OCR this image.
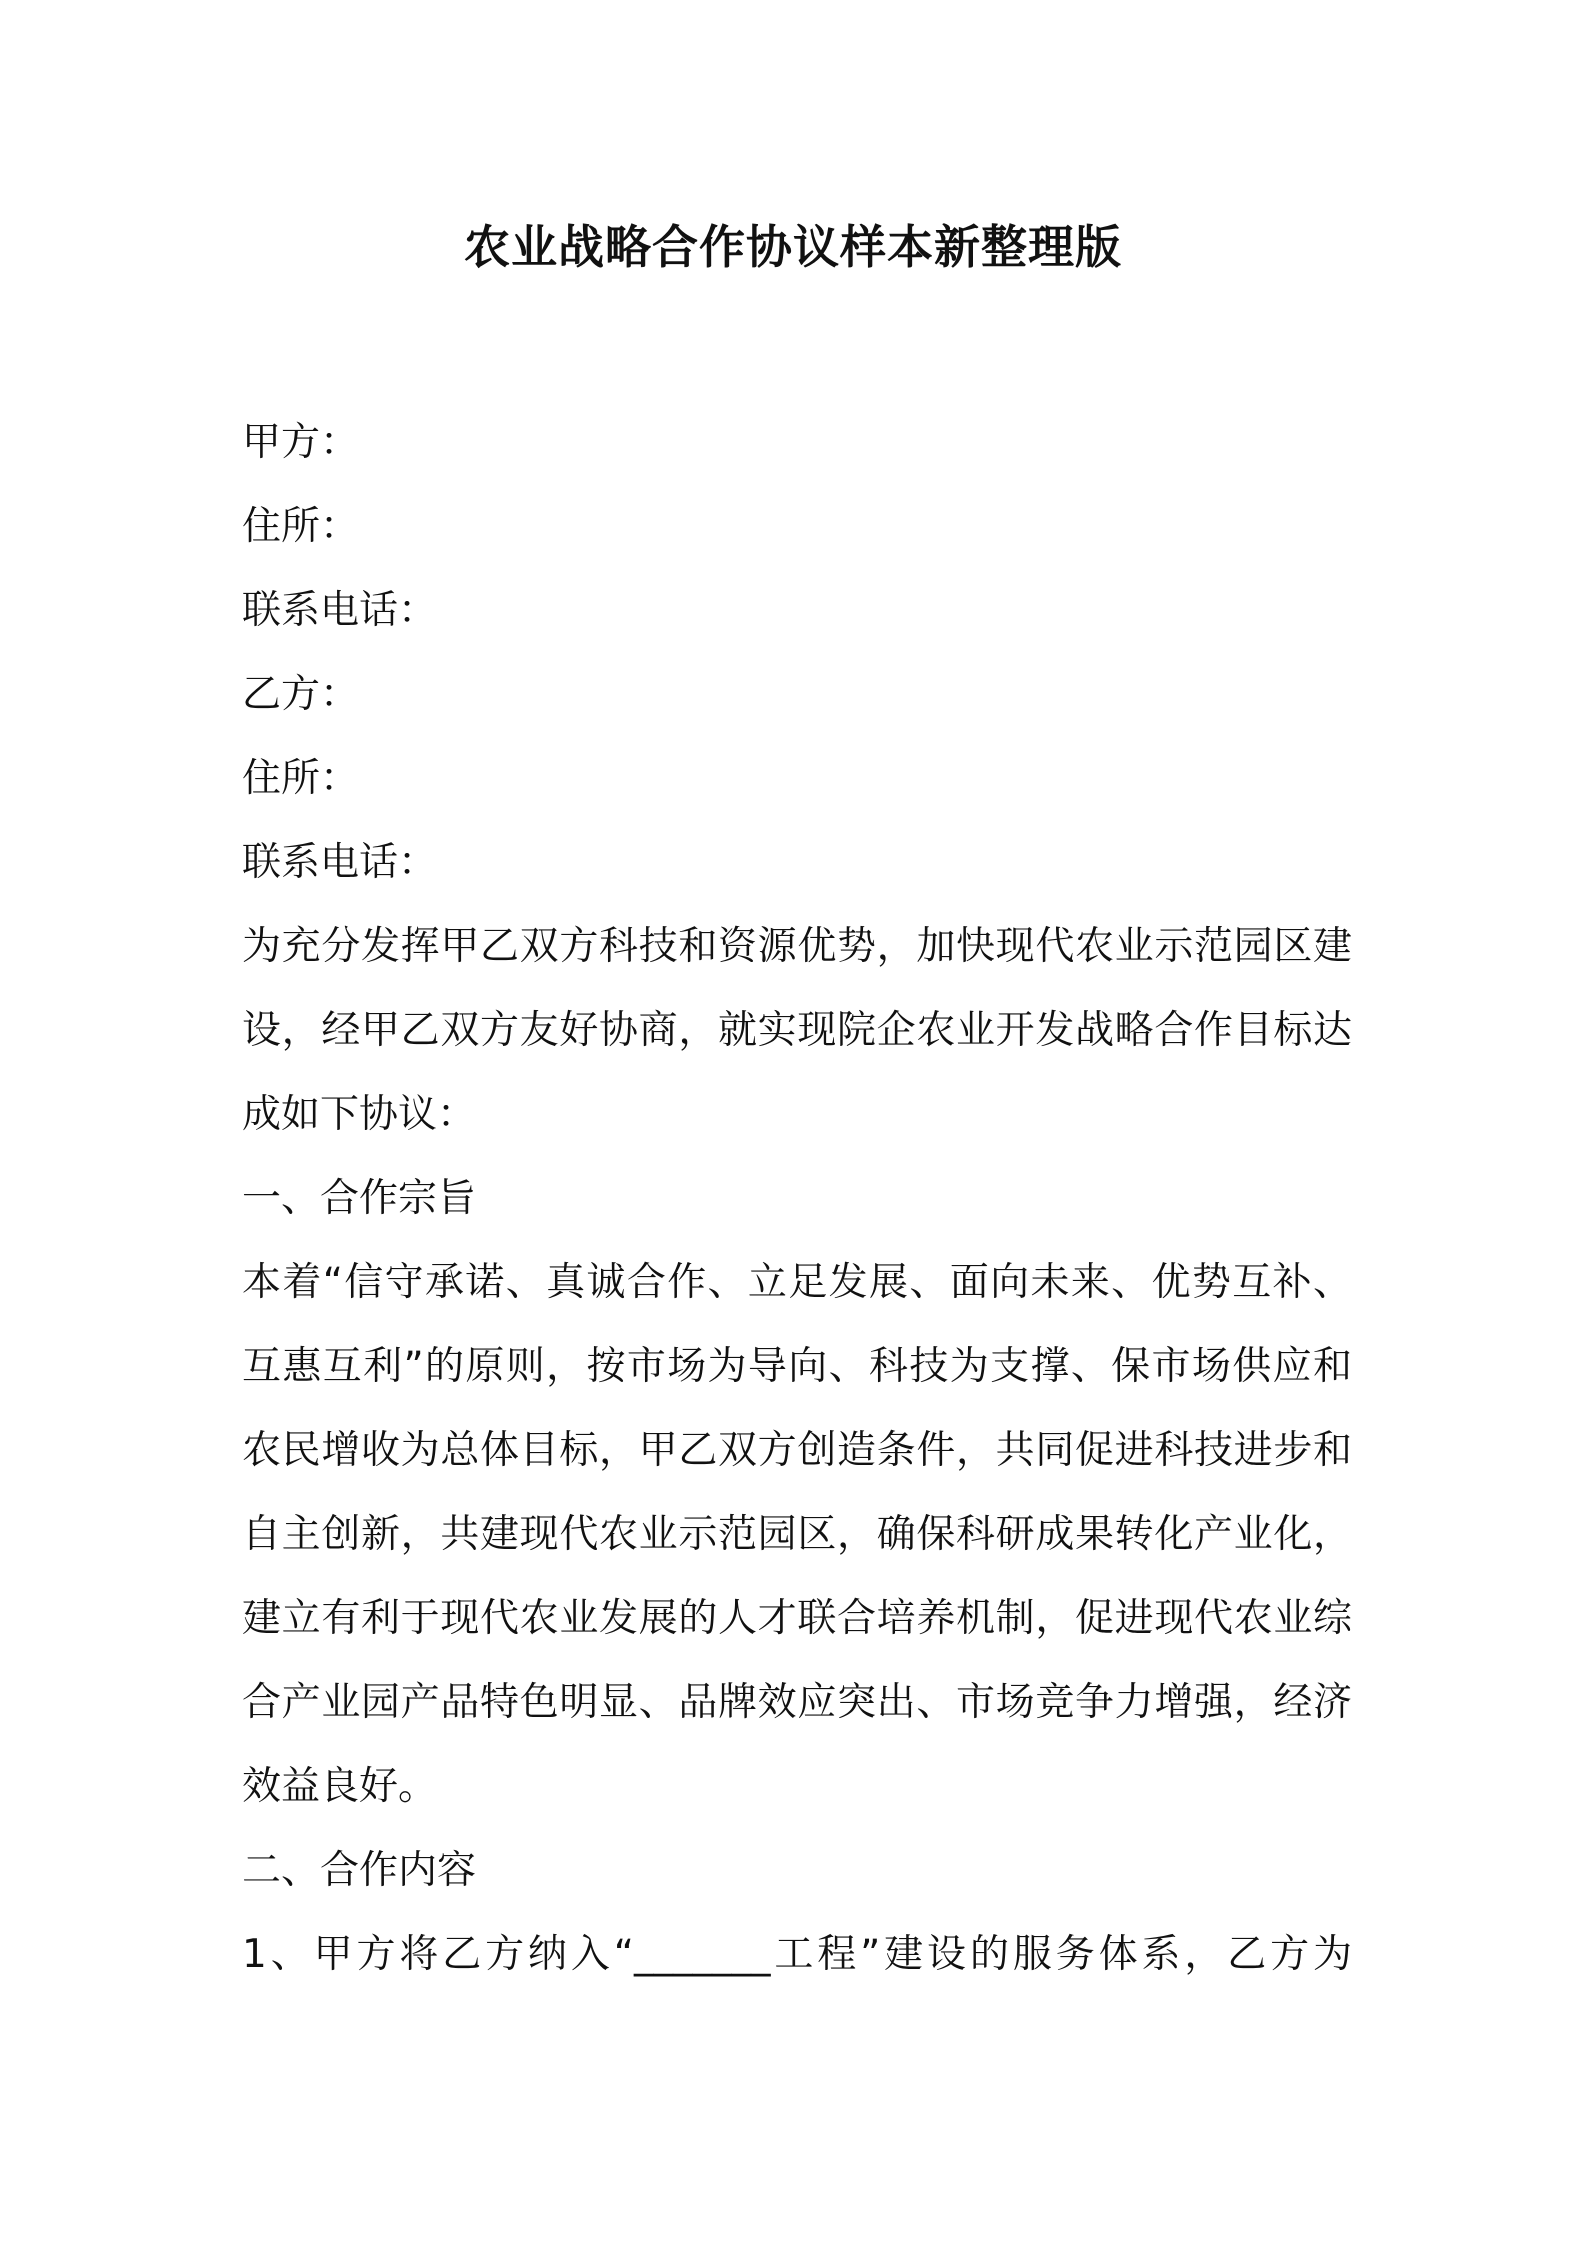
农业战略合作协议样本新整理版

甲方：

住所：

联系电话：

乙方：

住所：

联系电话：

为充分发挥甲乙双方科技和资源优势，加快现代农业示范园区建

设，经甲乙双方友好协商，就实现院企农业开发战略合作目标达

成如下协议：

一、合作宗旨

本着“信守承诺、真诚合作、立足发展、面向未来、优势互补、

互惠互利”的原则，按市场为导向、科技为支撑、保市场供应和

农民增收为总体目标，甲乙双方创造条件，共同促进科技进步和

自主创新，共建现代农业示范园区，确保科研成果转化产业化，

建立有利于现代农业发展的人才联合培养机制，促进现代农业综

合产业园产品特色明显、品牌效应突出、市场竞争力增强，经济

效益良好。

二、合作内容

1、甲方将乙方纳入“_______工程”建设的服务体系，乙方为
